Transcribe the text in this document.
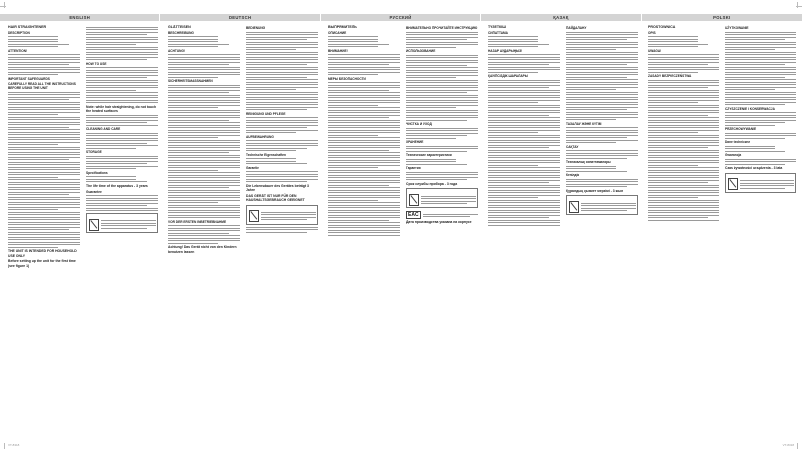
ENGLISH	DEUTSCH	РУССКИЙ	ҚАЗАҚ	POLSKI
HAIR STRAIGHTENER
DESCRIPTION
ATTENTION!
IMPORTANT SAFEGUARDS
CAREFULLY READ ALL THE INSTRUCTIONS BEFORE USING THE UNIT
THE UNIT IS INTENDED FOR HOUSEHOLD USE ONLY
Before setting up the unit for the first time (see figure 1)
HOW TO USE
Note: while hair straightening, do not touch the heated surfaces
CLEANING AND CARE
STORAGE
Specifications
The life time of the apparatus - 3 years
Guarantee
GLÄTTEISEN
BESCHREIBUNG
ACHTUNG!
SICHERHEITSMASSNAHMEN
VOR DER ERSTEN INBETRIEBNAHME
Achtung! Das Gerät nicht von den Kindern benutzen lassen
BEDIENUNG
REINIGUNG UND PFLEGE
AUFBEWAHRUNG
Technische Eigenschaften
Garantie
Die Lebensdauer des Gerätes beträgt 3 Jahre
DAS GERÄT IST NUR FÜR DEN HAUSHALTSGEBRAUCH GEEIGNET
ВЫПРЯМИТЕЛЬ
ОПИСАНИЕ
ВНИМАНИЕ!
МЕРЫ БЕЗОПАСНОСТИ
ВНИМАТЕЛЬНО ПРОЧИТАЙТЕ ИНСТРУКЦИЮ
ИСПОЛЬЗОВАНИЕ
ЧИСТКА И УХОД
ХРАНЕНИЕ
Технические характеристики
Гарантия
Срок службы прибора - 3 года
EAC
Дата производства указана на корпусе
ТҮЗЕТКІШ
СИПАТТАМА
НАЗАР АУДАРЫҢЫЗ!
ҚАУІПСІЗДІК ШАРАЛАРЫ
ПАЙДАЛАНУ
ТАЗАЛАУ ЖӘНЕ КҮТІМ
САҚТАУ
Техникалық сипаттамалары
Кепілдік
Құралдың қызмет мерзімі - 3 жыл
PROSTOWNICA
OPIS
UWAGA!
ZASADY BEZPIECZEŃSTWA
UŻYTKOWANIE
CZYSZCZENIE I KONSERWACJA
PRZECHOWYWANIE
Dane techniczne
Gwarancja
Czas żywotności urządzenia - 3 lata
VT-8318	VT-8318
